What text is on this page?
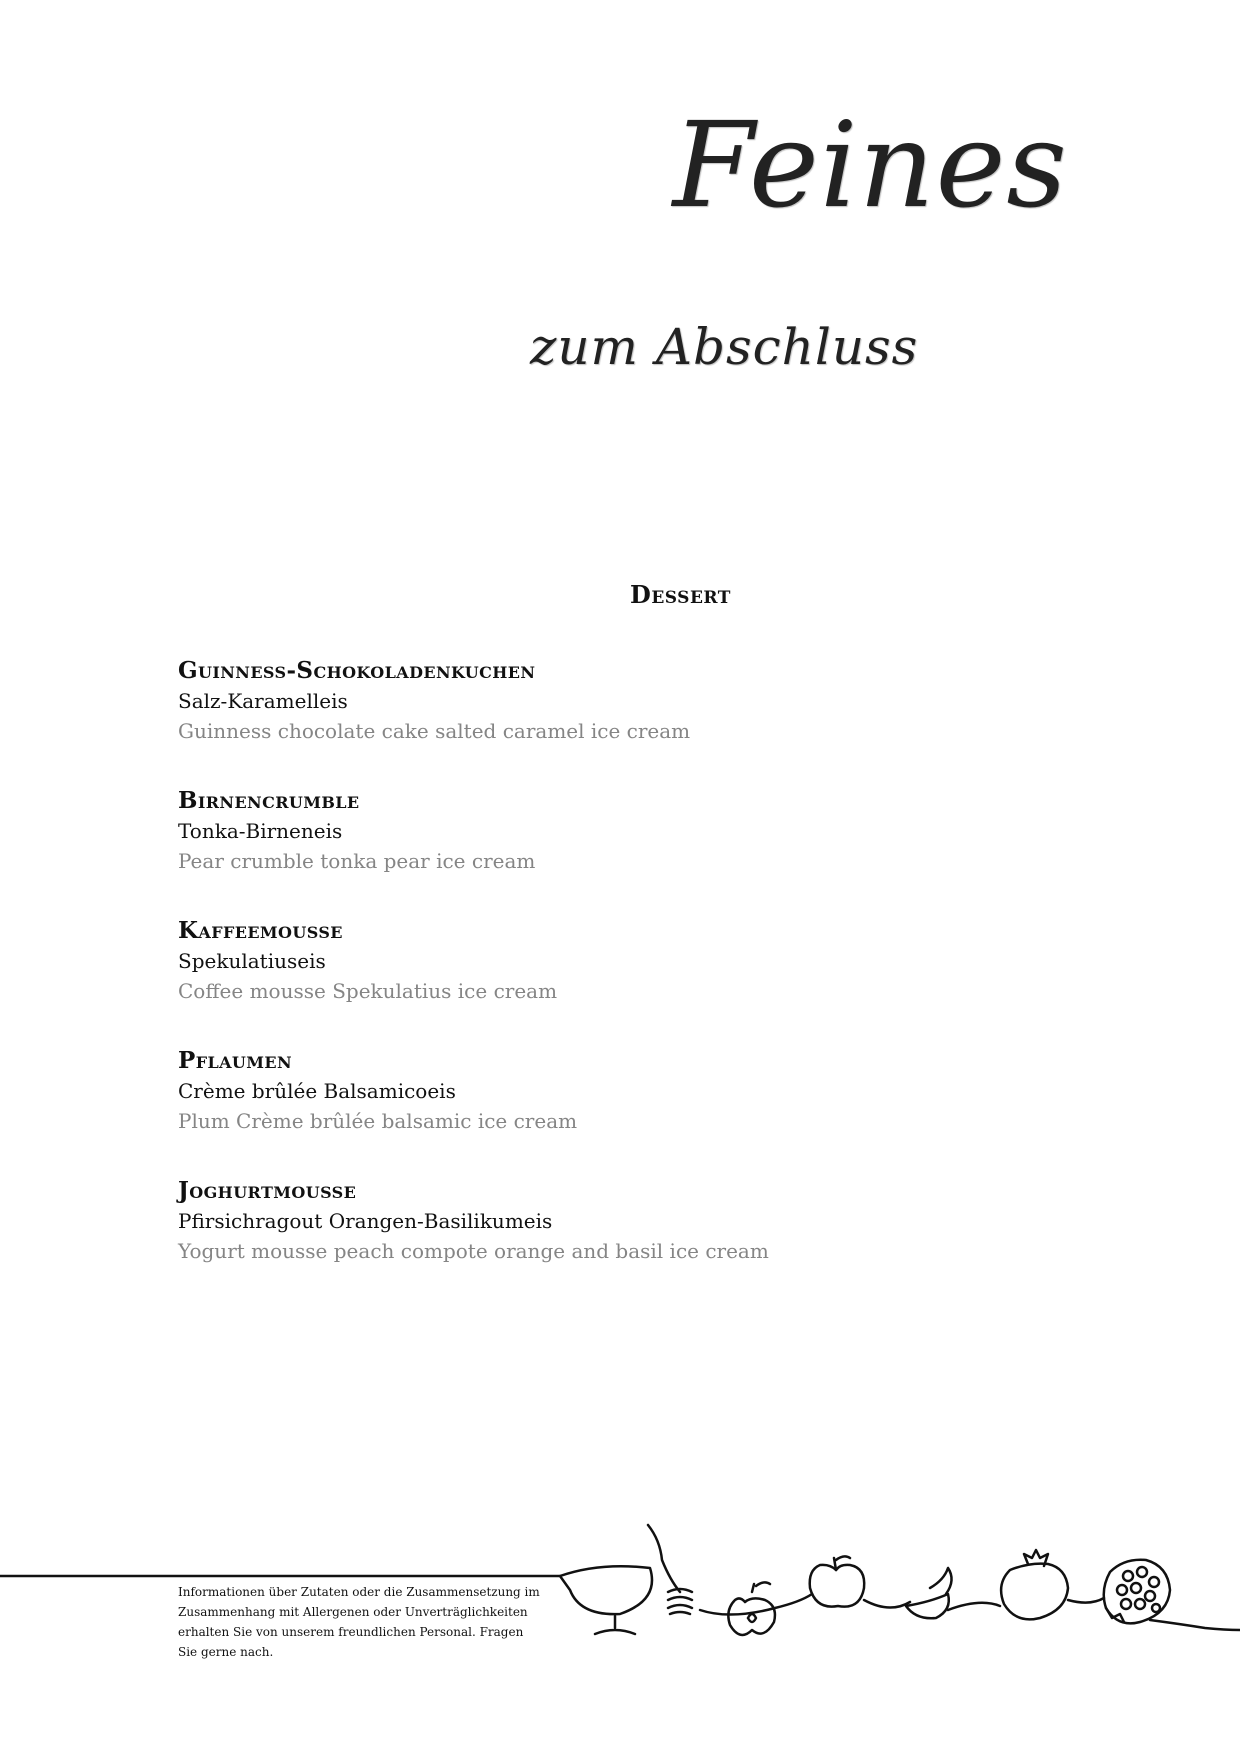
Feines
zum Abschluss
Dessert
Guinness-Schokoladenkuchen
Salz-Karamelleis
Guinness chocolate cake salted caramel ice cream
Birnencrumble
Tonka-Birneneis
Pear crumble tonka pear ice cream
Kaffeemousse
Spekulatiuseis
Coffee mousse Spekulatius ice cream
Pflaumen
Crème brûlée Balsamicoeis
Plum Crème brûlée balsamic ice cream
Joghurtmousse
Pfirsichragout Orangen-Basilikumeis
Yogurt mousse peach compote orange and basil ice cream
Informationen über Zutaten oder die Zusammensetzung im Zusammenhang mit Allergenen oder Unverträglichkeiten erhalten Sie von unserem freundlichen Personal. Fragen Sie gerne nach.
